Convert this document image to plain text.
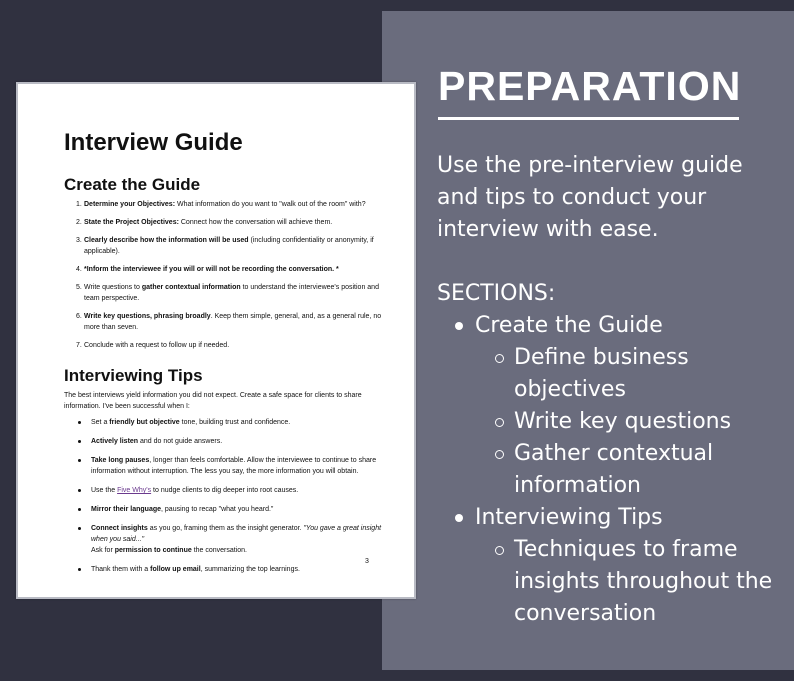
PREPARATION

Use the pre-interview guide and tips to conduct your interview with ease.

SECTIONS:

Create the Guide
Define business objectives
Write key questions
Gather contextual information
Interviewing Tips
Techniques to frame insights throughout the conversation
Interview Guide
Create the Guide
1. Determine your Objectives: What information do you want to "walk out of the room" with?
2. State the Project Objectives: Connect how the conversation will achieve them.
3. Clearly describe how the information will be used (including confidentiality or anonymity, if applicable).
4. *Inform the interviewee if you will or will not be recording the conversation. *
5. Write questions to gather contextual information to understand the interviewee's position and team perspective.
6. Write key questions, phrasing broadly. Keep them simple, general, and, as a general rule, no more than seven.
7. Conclude with a request to follow up if needed.
Interviewing Tips

The best interviews yield information you did not expect. Create a safe space for clients to share information. I've been successful when I:

Set a friendly but objective tone, building trust and confidence.
Actively listen and do not guide answers.
Take long pauses, longer than feels comfortable. Allow the interviewee to continue to share information without interruption. The less you say, the more information you will obtain.
Use the Five Why's to nudge clients to dig deeper into root causes.
Mirror their language, pausing to recap "what you heard."
Connect insights as you go, framing them as the insight generator. "You gave a great insight when you said..."
Ask for permission to continue the conversation.
Thank them with a follow up email, summarizing the top learnings.
3
